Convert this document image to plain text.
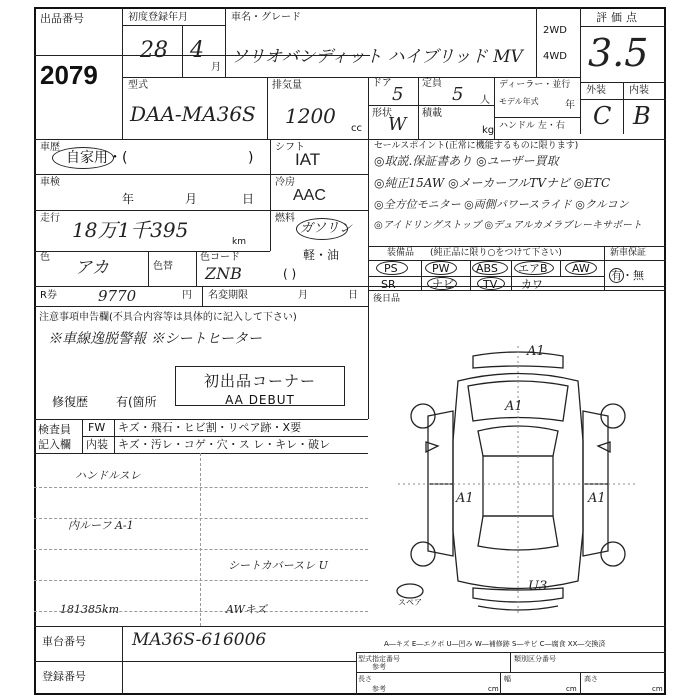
出品番号
2079
初度登録年月
28 4
月
車名・グレード
ソリオバンディット ハイブリッド MV
2WD
4WD
評価点
3.5
型式
DAA-MA36S
排気量
1200
cc
ドア
5
定員
5 人
形状
W
積載
kg
ディーラー・並行
モデル年式	年
ハンドル 左・右
外装 内装
C B
車歴
自家用・(	)
シフト
IAT
車検
年	月	日
冷房
AAC
走行 18万1千395	km
燃料
ガソリン
軽・油
( )
色
アカ	色替
色コード
ZNB
R券	9770	円 名変期限	月	日
セールスポイント(正常に機能するものに限ります)
◎取説.保証書あり ◎ユーザー買取
◎純正15AW ◎メーカーフルTVナビ ◎ETC
◎全方位モニター ◎両側パワースライド ◎クルコン
◎アイドリングストップ ◎デュアルカメラブレーキサポート
装備品 (純正品に限り○をつけて下さい)	新車保証
PS	PW ABS エアB AW
SR	ナビ	TV カワ
有・無
後日品
注意事項申告欄(不具合内容等は具体的に記入して下さい)
※車線逸脱警報 ※シートヒーター
初出品コーナー
AA DEBUT
修復歴 有(箇所
検査員
記入欄
FW キズ・飛石・ヒビ割・リペア跡・X要
内装 キズ・汚レ・コゲ・穴・ス レ・キレ・破レ
ハンドルスレ
内ルーフ A-1
シートカバースレ U
181385km	AWキズ
A1
A1
A1	A1
U3
スペア
車台番号	MA36S-616006
登録番号
A―キズ E―エクボ U―凹み W―補修跡 S―サビ C―腐食 XX―交換済
型式指定番号
参考
類別区分番号
長さ
参考	cm
幅
cm
高さ
cm
